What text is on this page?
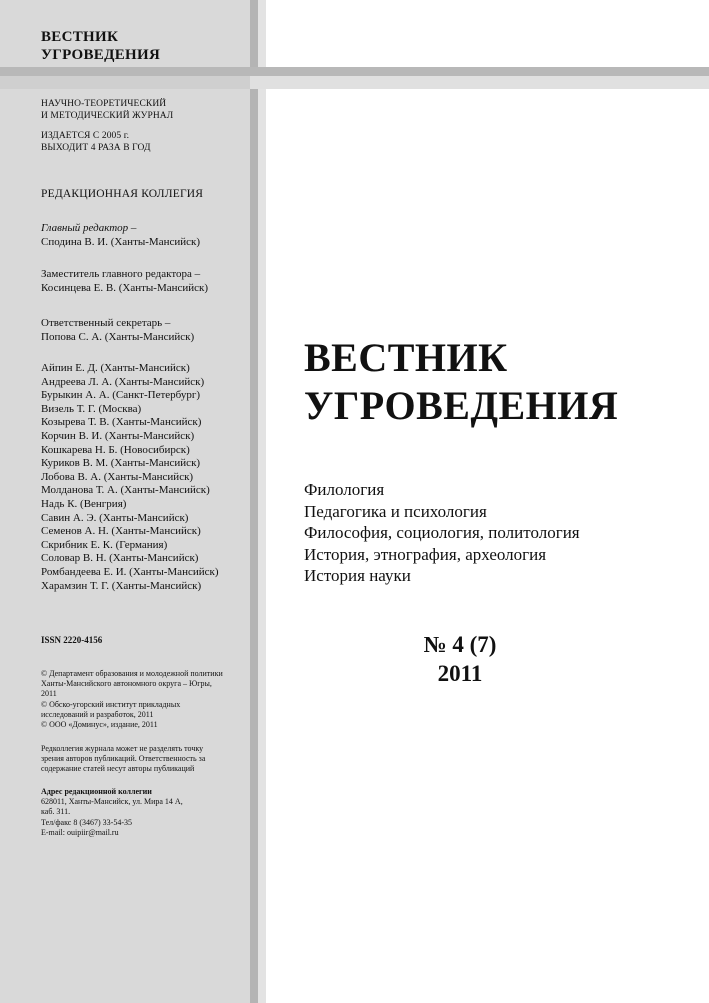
ВЕСТНИК
УГРОВЕДЕНИЯ
НАУЧНО-ТЕОРЕТИЧЕСКИЙ
И МЕТОДИЧЕСКИЙ ЖУРНАЛ
ИЗДАЕТСЯ С 2005 г.
ВЫХОДИТ 4 РАЗА В ГОД
РЕДАКЦИОННАЯ КОЛЛЕГИЯ
Главный редактор –
Сподина В. И. (Ханты-Мансийск)
Заместитель главного редактора –
Косинцева Е. В. (Ханты-Мансийск)
Ответственный секретарь –
Попова С. А. (Ханты-Мансийск)
Айпин Е. Д. (Ханты-Мансийск)
Андреева Л. А. (Ханты-Мансийск)
Бурыкин А. А. (Санкт-Петербург)
Визель Т. Г. (Москва)
Козырева Т. В. (Ханты-Мансийск)
Корчин В. И. (Ханты-Мансийск)
Кошкарева Н. Б. (Новосибирск)
Куриков В. М. (Ханты-Мансийск)
Лобова В. А. (Ханты-Мансийск)
Молданова Т. А. (Ханты-Мансийск)
Надь К. (Венгрия)
Савин А. Э. (Ханты-Мансийск)
Семенов А. Н. (Ханты-Мансийск)
Скрибник Е. К. (Германия)
Соловар В. Н. (Ханты-Мансийск)
Ромбандеева Е. И. (Ханты-Мансийск)
Харамзин Т. Г. (Ханты-Мансийск)
ISSN 2220-4156
© Департамент образования и молодежной политики
Ханты-Мансийского автономного округа – Югры,
2011
© Обско-угорский институт прикладных
исследований и разработок, 2011
© ООО «Доминус», издание, 2011
Редколлегия журнала может не разделять точку
зрения авторов публикаций. Ответственность за
содержание статей несут авторы публикаций
Адрес редакционной коллегии
628011, Ханты-Мансийск, ул. Мира 14 А,
каб. 311.
Тел/факс 8 (3467) 33-54-35
E-mail: ouipiir@mail.ru
ВЕСТНИК
УГРОВЕДЕНИЯ
Филология
Педагогика и психология
Философия, социология, политология
История, этнография, археология
История науки
№ 4 (7)
2011
